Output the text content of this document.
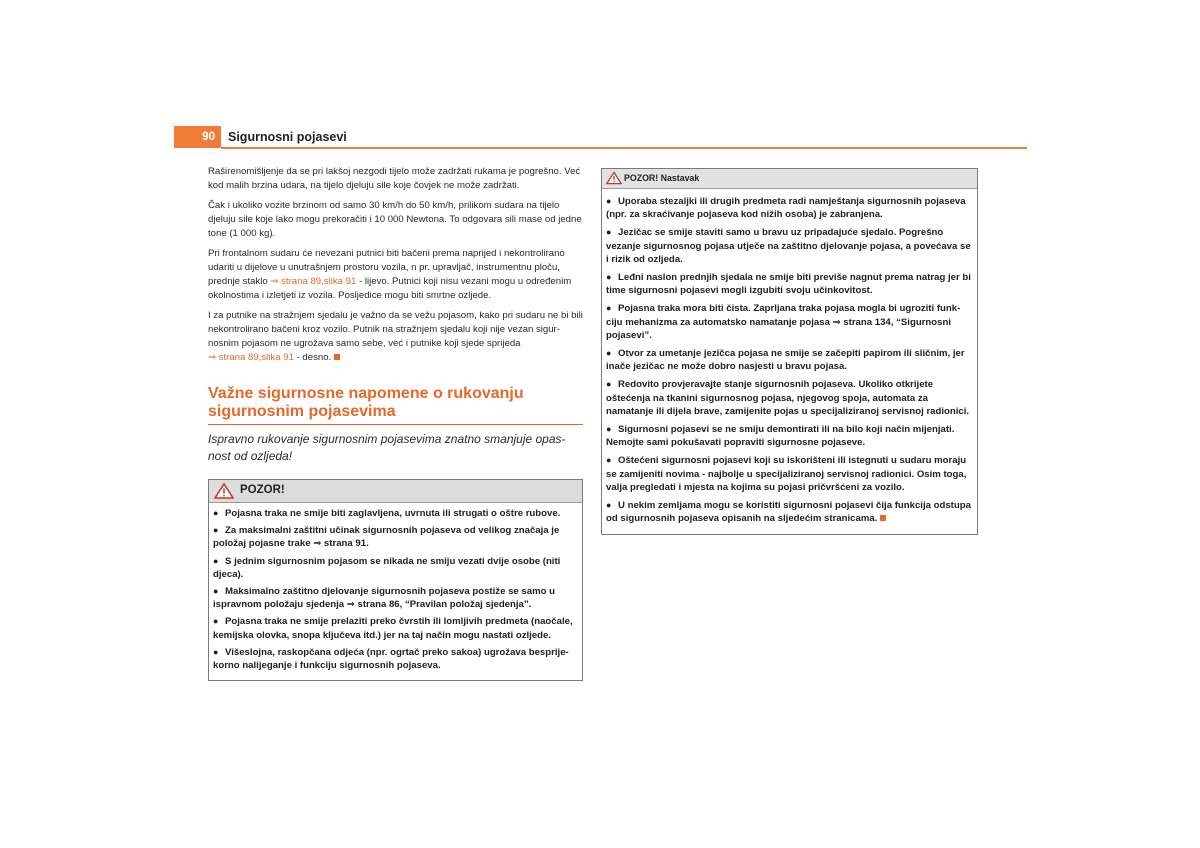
90	Sigurnosni pojasevi

Raširenomišljenje da se pri lakšoj nezgodi tijelo može zadržati rukama je pogrešno. Već kod malih brzina udara, na tijelo djeluju sile koje čovjek ne može zadržati.

Čak i ukoliko vozite brzinom od samo 30 km/h do 50 km/h, prilikom sudara na tijelo djeluju sile koje lako mogu prekoračiti i 10 000 Newtona. To odgovara sili mase od jedne tone (1 000 kg).

Pri frontalnom sudaru će nevezani putnici biti bačeni prema naprijed i nekontrolirano udariti u dijelove u unutrašnjem prostoru vozila, n pr. upravljač, instrumentnu ploču, prednje staklo ⇒ strana 89,slika 91 - lijevo. Putnici koji nisu vezani mogu u određenim okolnostima i izletjeti iz vozila. Posljedice mogu biti smrtne ozljede.

I za putnike na stražnjem sjedalu je važno da se vežu pojasom, kako pri sudaru ne bi bili nekontrolirano bačeni kroz vozilo. Putnik na stražnjem sjedalu koji nije vezan sigurnosnim pojasom ne ugrožava samo sebe, već i putnike koji sjede sprijeda
⇒ strana 89,slika 91 - desno.

Važne sigurnosne napomene o rukovanju sigurnosnim pojasevima

Ispravno rukovanje sigurnosnim pojasevima znatno smanjuje opasnost od ozljeda!

POZOR!

● Pojasna traka ne smije biti zaglavljena, uvrnuta ili strugati o oštre rubove.

● Za maksimalni zaštitni učinak sigurnosnih pojaseva od velikog značaja je položaj pojasne trake ⇒ strana 91.

● S jednim sigurnosnim pojasom se nikada ne smiju vezati dvije osobe (niti djeca).

● Maksimalno zaštitno djelovanje sigurnosnih pojaseva postiže se samo u ispravnom položaju sjedenja ⇒ strana 86, “Pravilan položaj sjedenja”.

● Pojasna traka ne smije prelaziti preko čvrstih ili lomljivih predmeta (naočale, kemijska olovka, snopa ključeva itd.) jer na taj način mogu nastati ozljede.

● Višeslojna, raskopčana odjeća (npr. ogrtač preko sakoa) ugrožava besprijekorno nalijeganje i funkciju sigurnosnih pojaseva.

POZOR! Nastavak

● Uporaba stezaljki ili drugih predmeta radi namještanja sigurnosnih pojaseva (npr. za skraćivanje pojaseva kod nižih osoba) je zabranjena.

● Jezičac se smije staviti samo u bravu uz pripadajuće sjedalo. Pogrešno vezanje sigurnosnog pojasa utječe na zaštitno djelovanje pojasa, a povećava se i rizik od ozljeda.

● Leđni naslon prednjih sjedala ne smije biti previše nagnut prema natrag jer bi time sigurnosni pojasevi mogli izgubiti svoju učinkovitost.

● Pojasna traka mora biti čista. Zaprljana traka pojasa mogla bi ugroziti funkciju mehanizma za automatsko namatanje pojasa ⇒ strana 134, “Sigurnosni pojasevi”.

● Otvor za umetanje jezičca pojasa ne smije se začepiti papirom ili sličnim, jer inače jezičac ne može dobro nasjesti u bravu pojasa.

● Redovito provjeravajte stanje sigurnosnih pojaseva. Ukoliko otkrijete oštećenja na tkanini sigurnosnog pojasa, njegovog spoja, automata za namatanje ili dijela brave, zamijenite pojas u specijaliziranoj servisnoj radionici.

● Sigurnosni pojasevi se ne smiju demontirati ili na bilo koji način mijenjati. Nemojte sami pokušavati popraviti sigurnosne pojaseve.

● Oštećeni sigurnosni pojasevi koji su iskorišteni ili istegnuti u sudaru moraju se zamijeniti novima - najbolje u specijaliziranoj servisnoj radionici. Osim toga, valja pregledati i mjesta na kojima su pojasi pričvršćeni za vozilo.

● U nekim zemljama mogu se koristiti sigurnosni pojasevi čija funkcija odstupa od sigurnosnih pojaseva opisanih na sljedećim stranicama.
